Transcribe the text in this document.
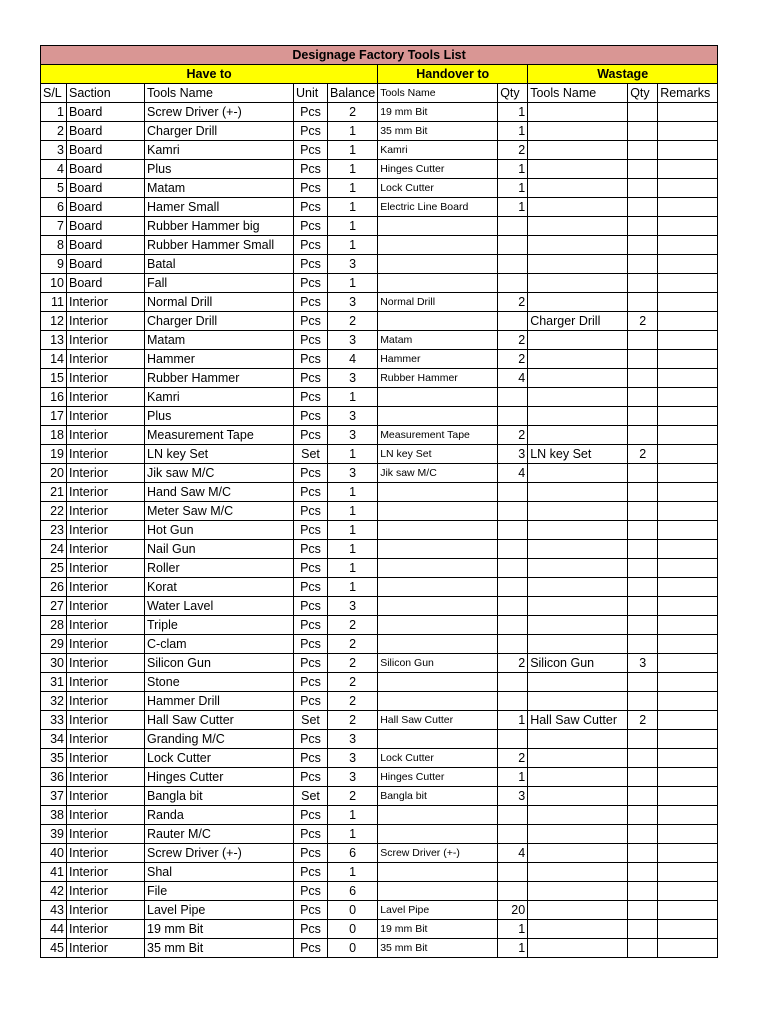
Designage Factory Tools List									
Have to					Handover to		Wastage		
S/L	Saction	Tools Name	Unit	Balance	Tools Name	Qty	Tools Name	Qty	Remarks
1	Board	Screw Driver (+-)	Pcs	2	19 mm Bit	1			
2	Board	Charger Drill	Pcs	1	35 mm Bit	1			
3	Board	Kamri	Pcs	1	Kamri	2			
4	Board	Plus	Pcs	1	Hinges Cutter	1			
5	Board	Matam	Pcs	1	Lock Cutter	1			
6	Board	Hamer Small	Pcs	1	Electric Line Board	1			
7	Board	Rubber Hammer big	Pcs	1					
8	Board	Rubber Hammer Small	Pcs	1					
9	Board	Batal	Pcs	3					
10	Board	Fall	Pcs	1					
11	Interior	Normal Drill	Pcs	3	Normal Drill	2			
12	Interior	Charger Drill	Pcs	2			Charger Drill	2	
13	Interior	Matam	Pcs	3	Matam	2			
14	Interior	Hammer	Pcs	4	Hammer	2			
15	Interior	Rubber Hammer	Pcs	3	Rubber Hammer	4			
16	Interior	Kamri	Pcs	1					
17	Interior	Plus	Pcs	3					
18	Interior	Measurement Tape	Pcs	3	Measurement Tape	2			
19	Interior	LN key Set	Set	1	LN key Set	3	LN key Set	2	
20	Interior	Jik saw M/C	Pcs	3	Jik saw M/C	4			
21	Interior	Hand Saw M/C	Pcs	1					
22	Interior	Meter Saw M/C	Pcs	1					
23	Interior	Hot Gun	Pcs	1					
24	Interior	Nail Gun	Pcs	1					
25	Interior	Roller	Pcs	1					
26	Interior	Korat	Pcs	1					
27	Interior	Water Lavel	Pcs	3					
28	Interior	Triple	Pcs	2					
29	Interior	C-clam	Pcs	2					
30	Interior	Silicon Gun	Pcs	2	Silicon Gun	2	Silicon Gun	3	
31	Interior	Stone	Pcs	2					
32	Interior	Hammer Drill	Pcs	2					
33	Interior	Hall Saw Cutter	Set	2	Hall Saw Cutter	1	Hall Saw Cutter	2	
34	Interior	Granding M/C	Pcs	3					
35	Interior	Lock Cutter	Pcs	3	Lock Cutter	2			
36	Interior	Hinges Cutter	Pcs	3	Hinges Cutter	1			
37	Interior	Bangla bit	Set	2	Bangla bit	3			
38	Interior	Randa	Pcs	1					
39	Interior	Rauter M/C	Pcs	1					
40	Interior	Screw Driver (+-)	Pcs	6	Screw Driver (+-)	4			
41	Interior	Shal	Pcs	1					
42	Interior	File	Pcs	6					
43	Interior	Lavel Pipe	Pcs	0	Lavel Pipe	20			
44	Interior	19 mm Bit	Pcs	0	19 mm Bit	1			
45	Interior	35 mm Bit	Pcs	0	35 mm Bit	1			
